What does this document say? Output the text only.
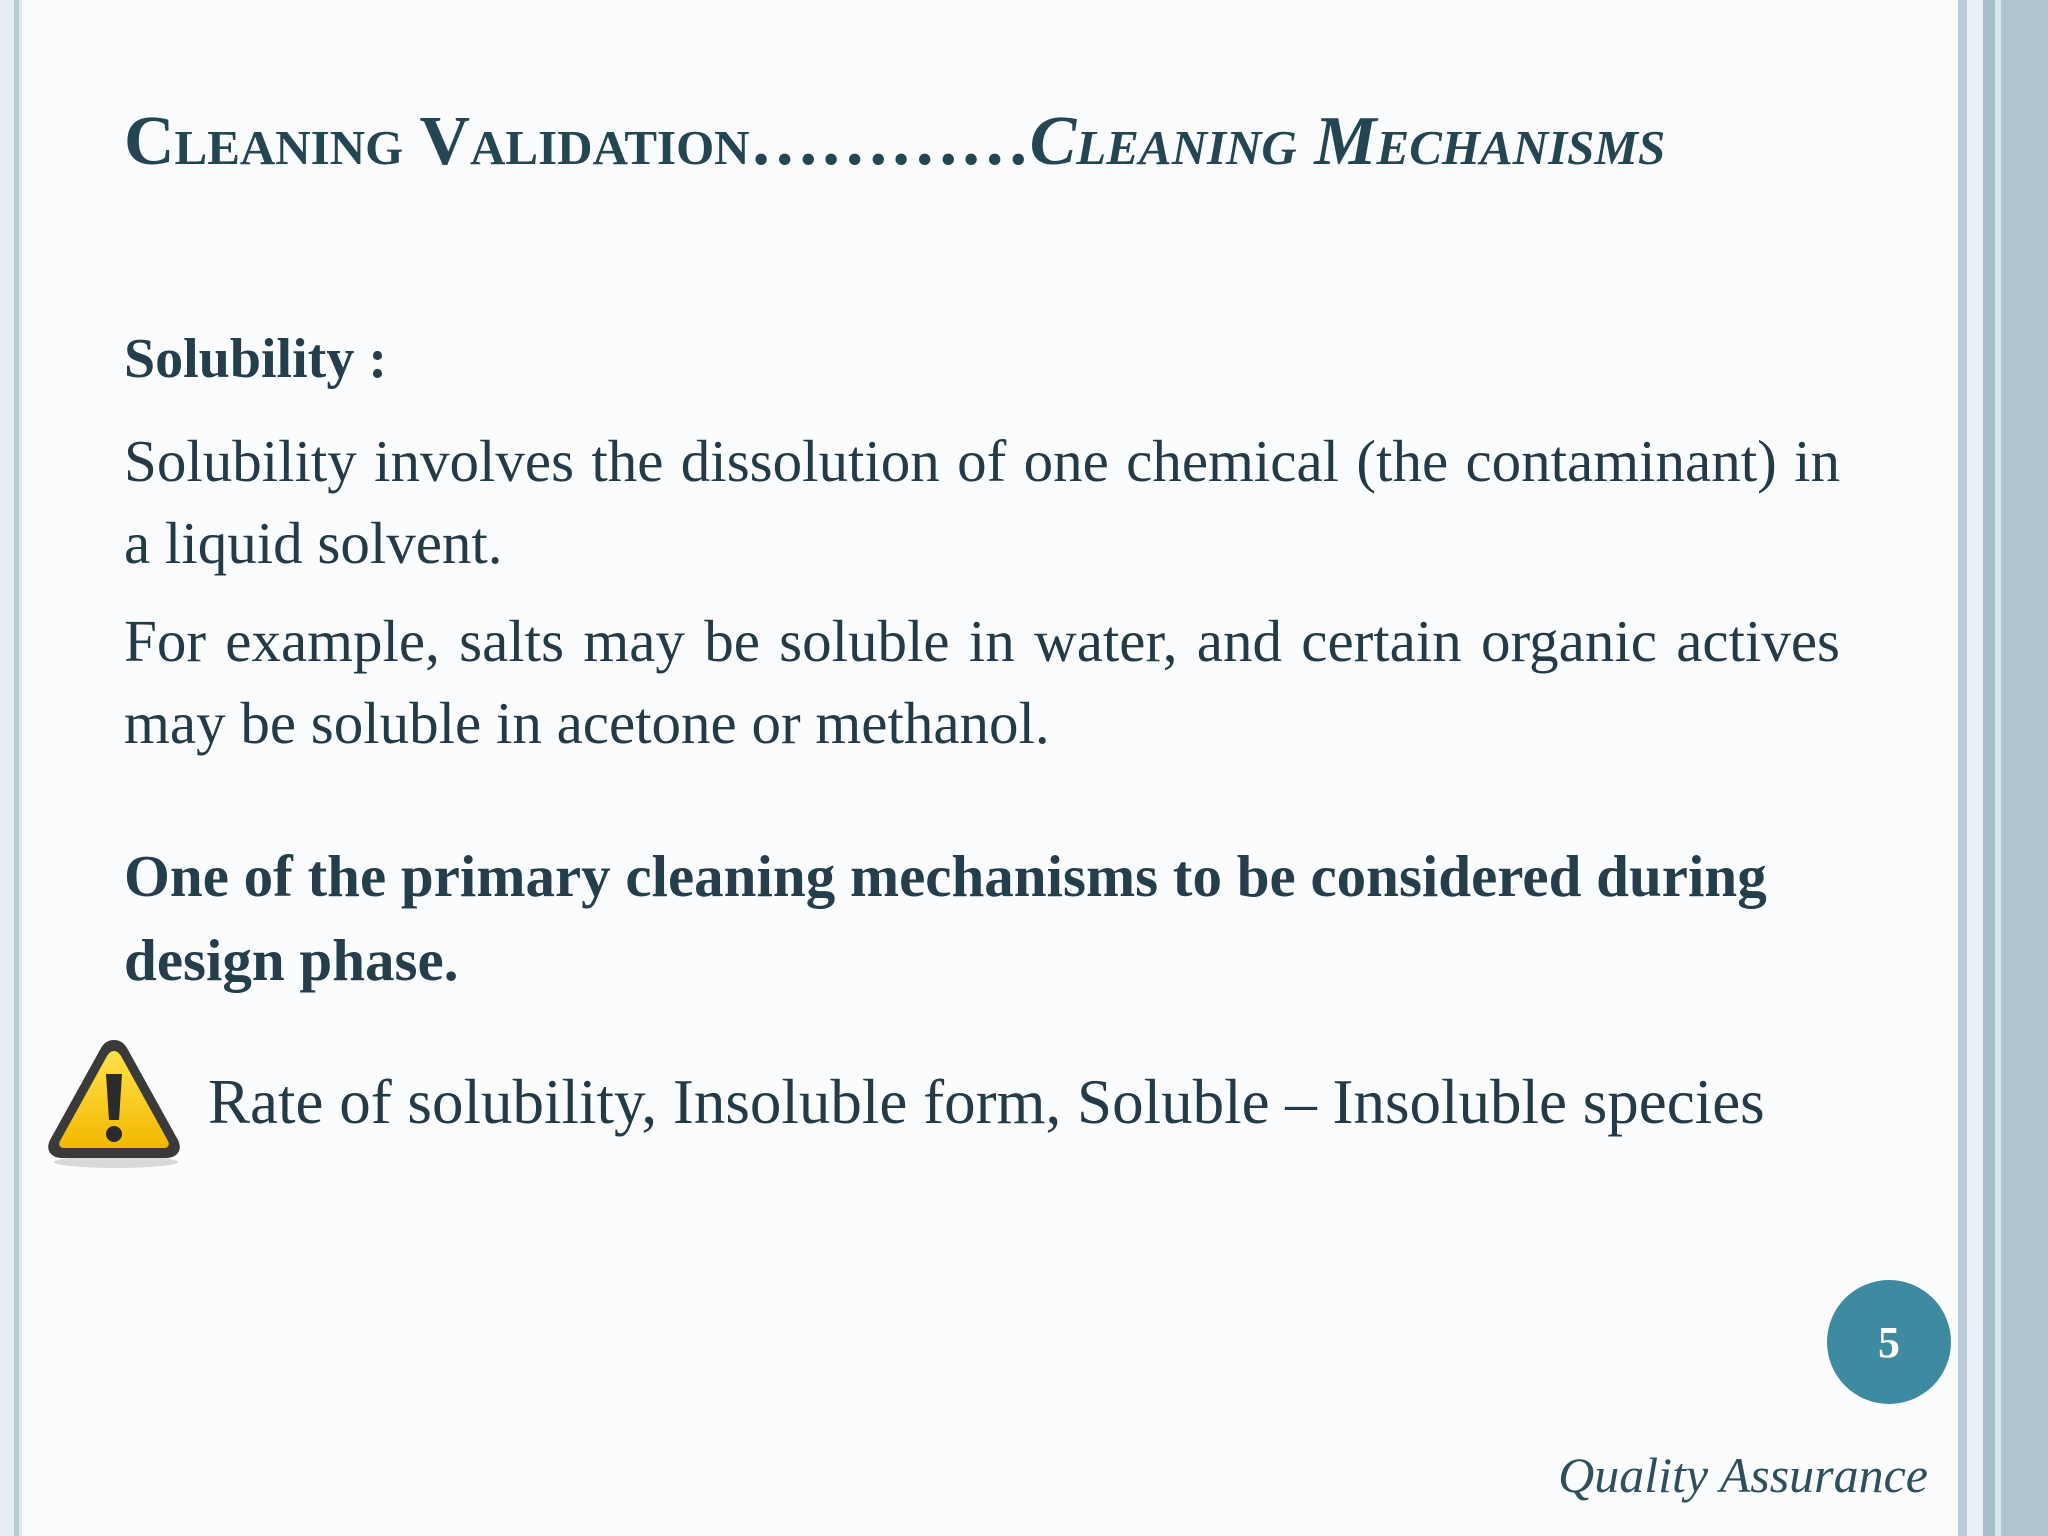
Cleaning Validation…………Cleaning Mechanisms

Solubility :

Solubility involves the dissolution of one chemical (the contaminant) in a liquid solvent.

For example, salts may be soluble in water, and certain organic actives may be soluble in acetone or methanol.

One of the primary cleaning mechanisms to be considered during design phase.

Rate of solubility, Insoluble form, Soluble – Insoluble species

5

Quality Assurance
